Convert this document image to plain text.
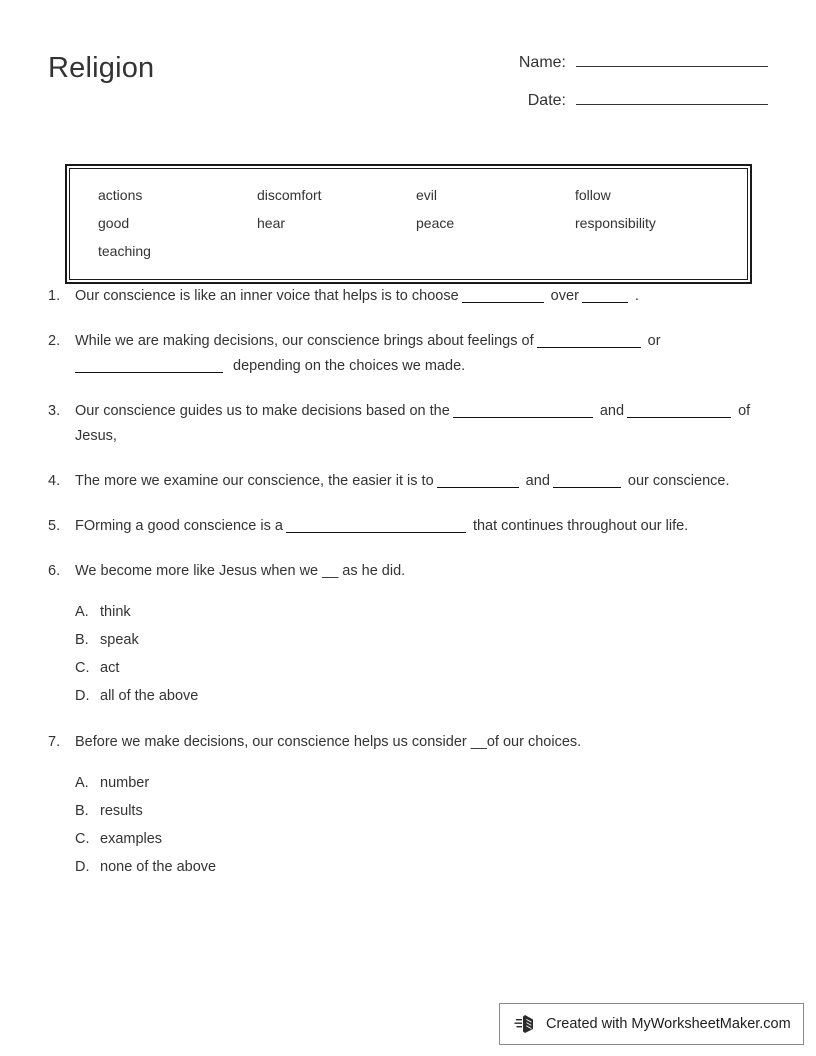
Religion	Name:
Date:
actions	discomfort	evil	follow
good	hear	peace	responsibility
teaching
1. Our conscience is like an inner voice that helps is to choose	over	.
2. While we are making decisions, our conscience brings about feelings of	or
depending on the choices we made.
3. Our conscience guides us to make decisions based on the	and	of Jesus,
4. The more we examine our conscience, the easier it is to	and	our conscience.
5. FOrming a good conscience is a	that continues throughout our life.
6. We become more like Jesus when we __ as he did.
A. think
B. speak
C. act
D. all of the above
7. Before we make decisions, our conscience helps us consider __of our choices.
A. number
B. results
C. examples
D. none of the above
Created with MyWorksheetMaker.com
